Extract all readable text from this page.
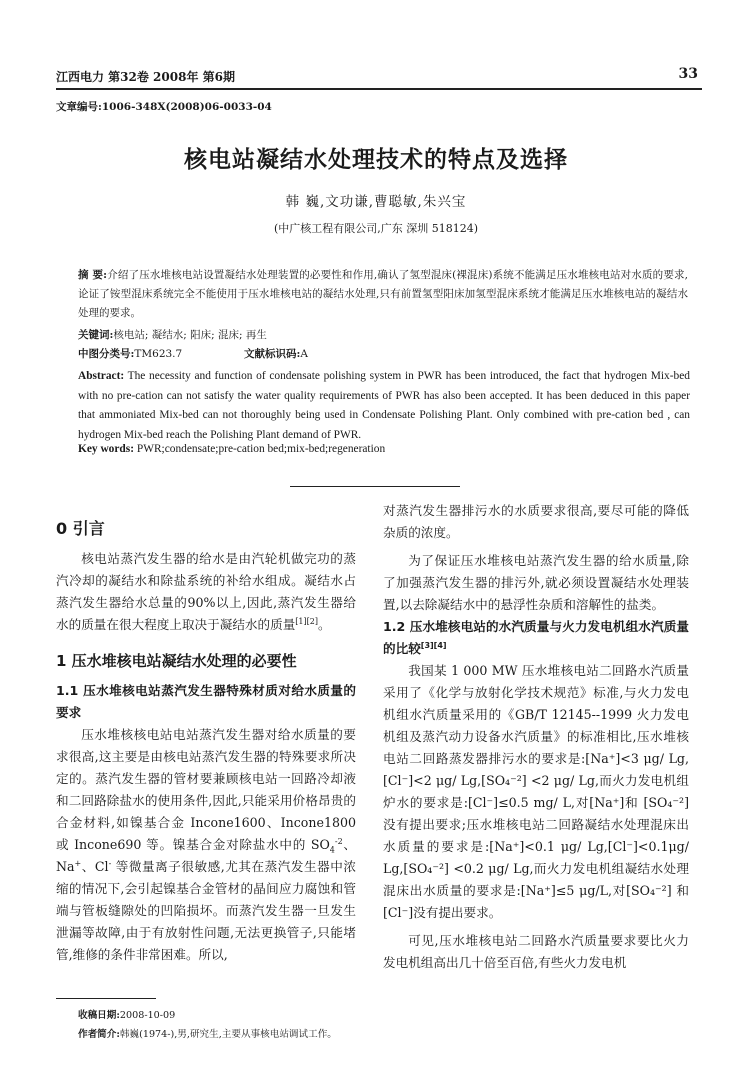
江西电力 第32卷 2008年 第6期	33
文章编号:1006-348X(2008)06-0033-04
核电站凝结水处理技术的特点及选择
韩 巍,文功谦,曹聪敏,朱兴宝
(中广核工程有限公司,广东 深圳 518124)
摘 要:介绍了压水堆核电站设置凝结水处理装置的必要性和作用,确认了氢型混床(裸混床)系统不能满足压水堆核电站对水质的要求,论证了铵型混床系统完全不能使用于压水堆核电站的凝结水处理,只有前置氢型阳床加氢型混床系统才能满足压水堆核电站的凝结水处理的要求。
关键词:核电站; 凝结水; 阳床; 混床; 再生
中图分类号:TM623.7	文献标识码:A
Abstract: The necessity and function of condensate polishing system in PWR has been introduced, the fact that hydrogen Mix-bed with no pre-cation can not satisfy the water quality requirements of PWR has also been accepted. It has been deduced in this paper that ammoniated Mix-bed can not thoroughly being used in Condensate Polishing Plant. Only combined with pre-cation bed , can hydrogen Mix-bed reach the Polishing Plant demand of PWR.
Key words: PWR;condensate;pre-cation bed;mix-bed;regeneration
0 引言

核电站蒸汽发生器的给水是由汽轮机做完功的蒸汽冷却的凝结水和除盐系统的补给水组成。凝结水占蒸汽发生器给水总量的90%以上,因此,蒸汽发生器给水的质量在很大程度上取决于凝结水的质量[1][2]。

1 压水堆核电站凝结水处理的必要性
1.1 压水堆核电站蒸汽发生器特殊材质对给水质量的要求

压水堆核核电站电站蒸汽发生器对给水质量的要求很高,这主要是由核电站蒸汽发生器的特殊要求所决定的。蒸汽发生器的管材要兼顾核电站一回路冷却液和二回路除盐水的使用条件,因此,只能采用价格昂贵的合金材料,如镍基合金 Incone1600、Incone1800 或 Incone690 等。镍基合金对除盐水中的 $SO_4^{-2}$、Na+、Cl- 等微量离子很敏感,尤其在蒸汽发生器中浓缩的情况下,会引起镍基合金管材的晶间应力腐蚀和管端与管板缝隙处的凹陷损坏。而蒸汽发生器一旦发生泄漏等故障,由于有放射性问题,无法更换管子,只能堵管,维修的条件非常困难。所以,

对蒸汽发生器排污水的水质要求很高,要尽可能的降低杂质的浓度。

为了保证压水堆核电站蒸汽发生器的给水质量,除了加强蒸汽发生器的排污外,就必须设置凝结水处理装置,以去除凝结水中的悬浮性杂质和溶解性的盐类。

1.2 压水堆核电站的水汽质量与火力发电机组水汽质量的比较[3][4]

我国某 1 000 MW 压水堆核电站二回路水汽质量采用了《化学与放射化学技术规范》标准,与火力发电机组水汽质量采用的《GB/T 12145--1999 火力发电机组及蒸汽动力设备水汽质量》的标准相比,压水堆核电站二回路蒸发器排污水的要求是:[Na⁺]<3 μg/ Lg,[Cl⁻]<2 μg/ Lg,[SO₄⁻²] <2 μg/ Lg,而火力发电机组炉水的要求是:[Cl⁻]≤0.5 mg/ L,对[Na⁺]和 [SO₄⁻²]没有提出要求;压水堆核电站二回路凝结水处理混床出水质量的要求是:[Na⁺]<0.1 μg/ Lg,[Cl⁻]<0.1μg/ Lg,[SO₄⁻²] <0.2 μg/ Lg,而火力发电机组凝结水处理混床出水质量的要求是:[Na⁺]≤5 μg/L,对[SO₄⁻²] 和[Cl⁻]没有提出要求。

可见,压水堆核电站二回路水汽质量要求要比火力发电机组高出几十倍至百倍,有些火力发电机

收稿日期:2008-10-09
作者简介:韩巍(1974-),男,研究生,主要从事核电站调试工作。
